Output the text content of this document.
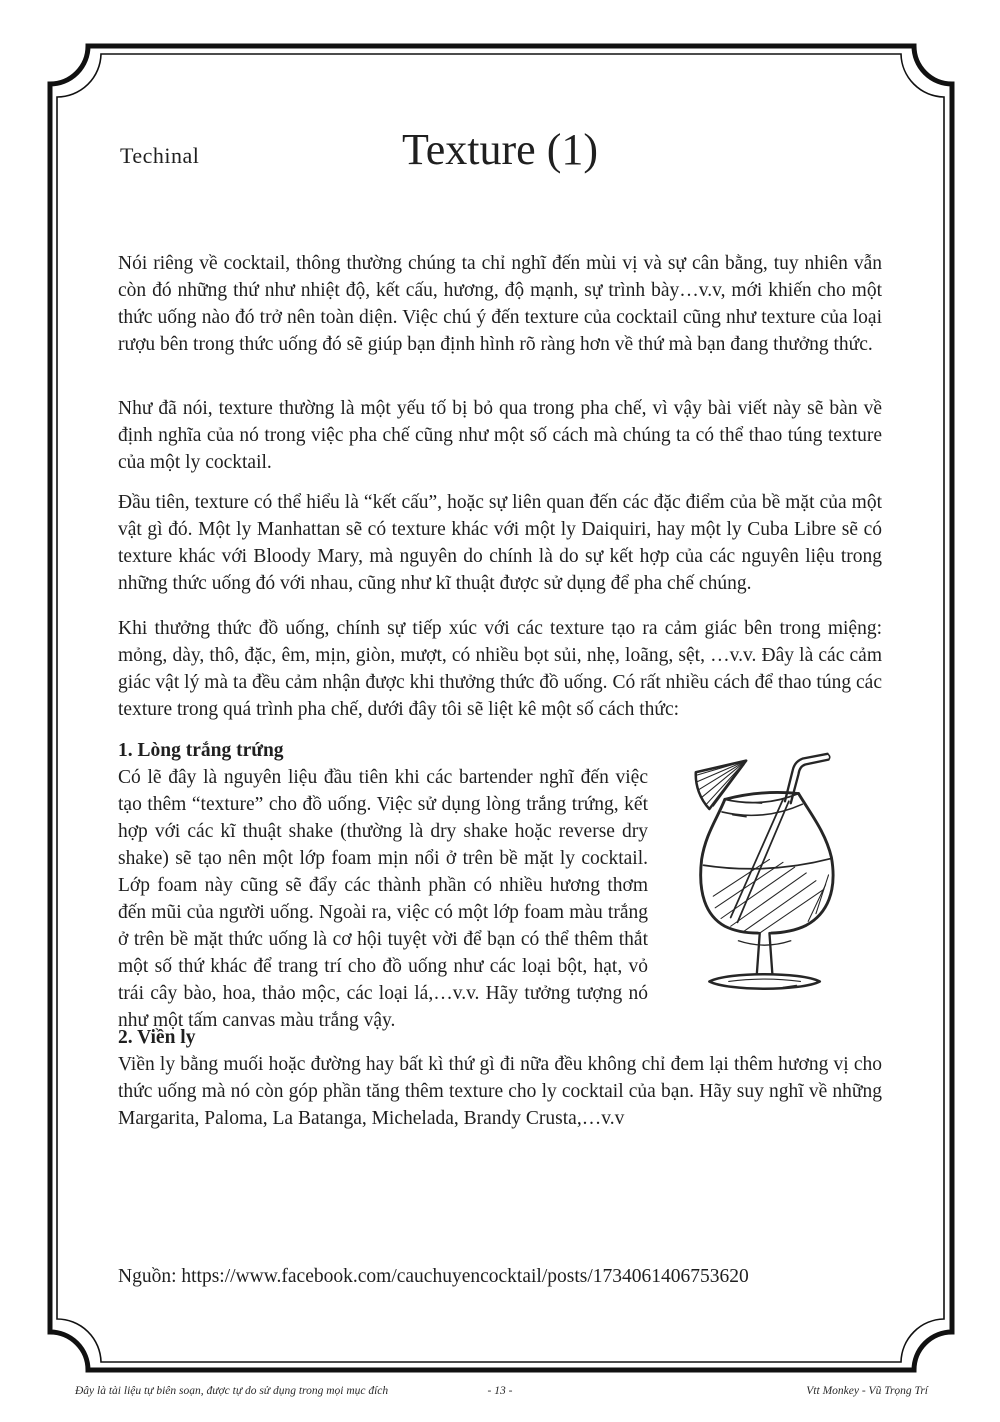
Techinal	Texture (1)

Nói riêng về cocktail, thông thường chúng ta chỉ nghĩ đến mùi vị và sự cân bằng, tuy nhiên vẫn còn đó những thứ như nhiệt độ, kết cấu, hương, độ mạnh, sự trình bày…v.v, mới khiến cho một thức uống nào đó trở nên toàn diện. Việc chú ý đến texture của cocktail cũng như texture của loại rượu bên trong thức uống đó sẽ giúp bạn định hình rõ ràng hơn về thứ mà bạn đang thưởng thức.

Như đã nói, texture thường là một yếu tố bị bỏ qua trong pha chế, vì vậy bài viết này sẽ bàn về định nghĩa của nó trong việc pha chế cũng như một số cách mà chúng ta có thể thao túng texture của một ly cocktail.

Đầu tiên, texture có thể hiểu là “kết cấu”, hoặc sự liên quan đến các đặc điểm của bề mặt của một vật gì đó. Một ly Manhattan sẽ có texture khác với một ly Daiquiri, hay một ly Cuba Libre sẽ có texture khác với Bloody Mary, mà nguyên do chính là do sự kết hợp của các nguyên liệu trong những thức uống đó với nhau, cũng như kĩ thuật được sử dụng để pha chế chúng.

Khi thưởng thức đồ uống, chính sự tiếp xúc với các texture tạo ra cảm giác bên trong miệng: mỏng, dày, thô, đặc, êm, mịn, giòn, mượt, có nhiều bọt sủi, nhẹ, loãng, sệt, …v.v. Đây là các cảm giác vật lý mà ta đều cảm nhận được khi thưởng thức đồ uống. Có rất nhiều cách để thao túng các texture trong quá trình pha chế, dưới đây tôi sẽ liệt kê một số cách thức:

1. Lòng trắng trứng
Có lẽ đây là nguyên liệu đầu tiên khi các bartender nghĩ đến việc tạo thêm “texture” cho đồ uống. Việc sử dụng lòng trắng trứng, kết hợp với các kĩ thuật shake (thường là dry shake hoặc reverse dry shake) sẽ tạo nên một lớp foam mịn nổi ở trên bề mặt ly cocktail. Lớp foam này cũng sẽ đẩy các thành phần có nhiều hương thơm đến mũi của người uống. Ngoài ra, việc có một lớp foam màu trắng ở trên bề mặt thức uống là cơ hội tuyệt vời để bạn có thể thêm thắt một số thứ khác để trang trí cho đồ uống như các loại bột, hạt, vỏ trái cây bào, hoa, thảo mộc, các loại lá,…v.v. Hãy tưởng tượng nó như một tấm canvas màu trắng vậy.
2. Viền ly
Viền ly bằng muối hoặc đường hay bất kì thứ gì đi nữa đều không chỉ đem lại thêm hương vị cho thức uống mà nó còn góp phần tăng thêm texture cho ly cocktail của bạn. Hãy suy nghĩ về những Margarita, Paloma, La Batanga, Michelada, Brandy Crusta,…v.v
Nguồn: https://www.facebook.com/cauchuyencocktail/posts/1734061406753620
Đây là tài liệu tự biên soạn, được tự do sử dụng trong mọi mục đích	- 13 -	Vtt Monkey - Vũ Trọng Trí
